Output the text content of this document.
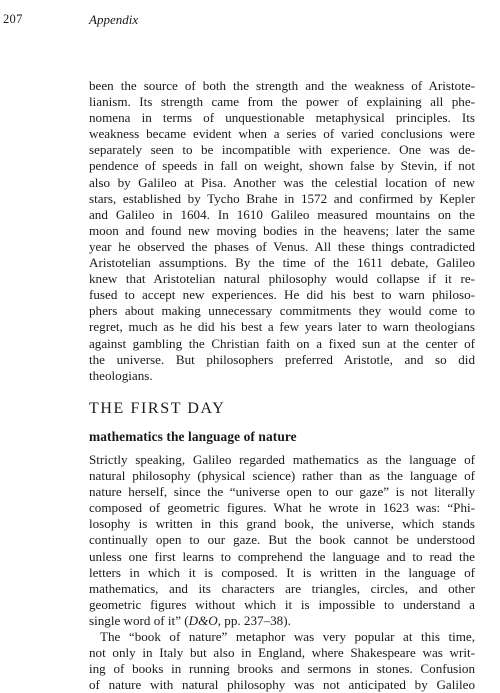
207	Appendix
been the source of both the strength and the weakness of Aristote-
lianism. Its strength came from the power of explaining all phe-
nomena in terms of unquestionable metaphysical principles. Its
weakness became evident when a series of varied conclusions were
separately seen to be incompatible with experience. One was de-
pendence of speeds in fall on weight, shown false by Stevin, if not
also by Galileo at Pisa. Another was the celestial location of new
stars, established by Tycho Brahe in 1572 and confirmed by Kepler
and Galileo in 1604. In 1610 Galileo measured mountains on the
moon and found new moving bodies in the heavens; later the same
year he observed the phases of Venus. All these things contradicted
Aristotelian assumptions. By the time of the 1611 debate, Galileo
knew that Aristotelian natural philosophy would collapse if it re-
fused to accept new experiences. He did his best to warn philoso-
phers about making unnecessary commitments they would come to
regret, much as he did his best a few years later to warn theologians
against gambling the Christian faith on a fixed sun at the center of
the universe. But philosophers preferred Aristotle, and so did
theologians.
THE FIRST DAY
mathematics the language of nature
Strictly speaking, Galileo regarded mathematics as the language of
natural philosophy (physical science) rather than as the language of
nature herself, since the “universe open to our gaze” is not literally
composed of geometric figures. What he wrote in 1623 was: “Phi-
losophy is written in this grand book, the universe, which stands
continually open to our gaze. But the book cannot be understood
unless one first learns to comprehend the language and to read the
letters in which it is composed. It is written in the language of
mathematics, and its characters are triangles, circles, and other
geometric figures without which it is impossible to understand a
single word of it” (D&O, pp. 237–38).
The “book of nature” metaphor was very popular at this time,
not only in Italy but also in England, where Shakespeare was writ-
ing of books in running brooks and sermons in stones. Confusion
of nature with natural philosophy was not anticipated by Galileo
